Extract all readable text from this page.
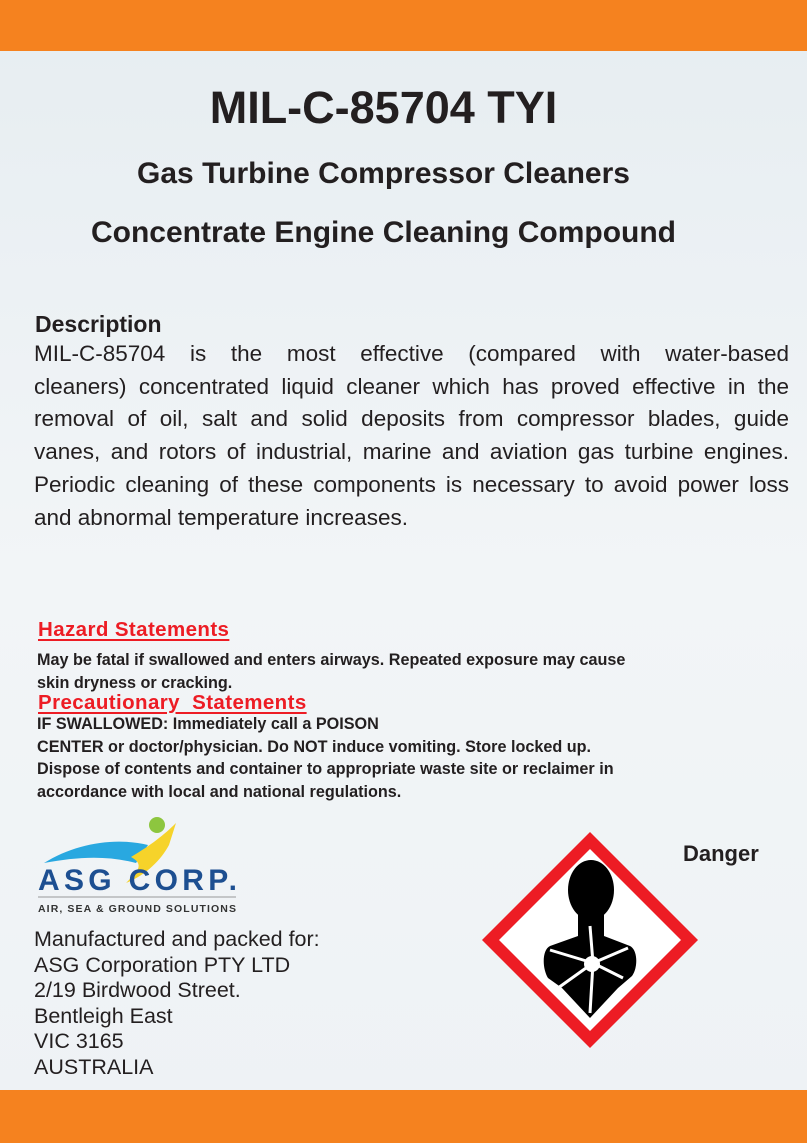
MIL-C-85704 TYI
Gas Turbine Compressor Cleaners
Concentrate Engine Cleaning Compound
Description
MIL-C-85704 is the most effective (compared with water-based
cleaners) concentrated liquid cleaner which has proved effective in the
removal of oil, salt and solid deposits from compressor blades, guide
vanes, and rotors of industrial, marine and aviation gas turbine engines.
Periodic cleaning of these components is necessary to avoid power loss
and abnormal temperature increases.
Hazard Statements
May be fatal if swallowed and enters airways. Repeated exposure may cause
skin dryness or cracking.
Precautionary  Statements
IF SWALLOWED: Immediately call a POISON
CENTER or doctor/physician. Do NOT induce vomiting. Store locked up.
Dispose of contents and container to appropriate waste site or reclaimer in
accordance with local and national regulations.
ASG CORP.
AIR, SEA & GROUND SOLUTIONS
Manufactured and packed for:
ASG Corporation PTY LTD
2/19 Birdwood Street.
Bentleigh East
VIC 3165
AUSTRALIA
Danger
